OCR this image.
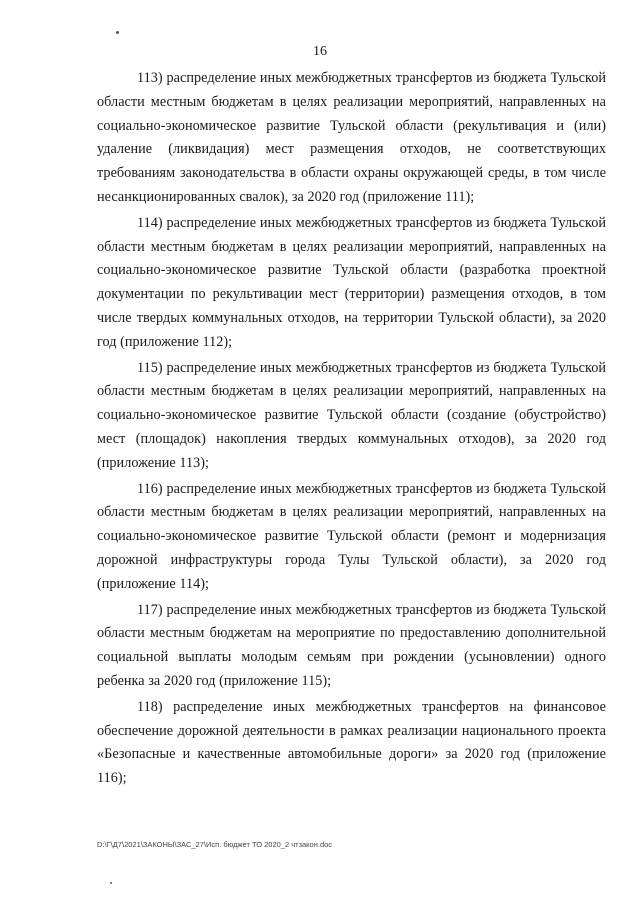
16

113) распределение иных межбюджетных трансфертов из бюджета Тульской области местным бюджетам в целях реализации мероприятий, направленных на социально-экономическое развитие Тульской области (рекультивация и (или) удаление (ликвидация) мест размещения отходов, не соответствующих требованиям законодательства в области охраны окружающей среды, в том числе несанкционированных свалок), за 2020 год (приложение 111);

114) распределение иных межбюджетных трансфертов из бюджета Тульской области местным бюджетам в целях реализации мероприятий, направленных на социально-экономическое развитие Тульской области (разработка проектной документации по рекультивации мест (территории) размещения отходов, в том числе твердых коммунальных отходов, на территории Тульской области), за 2020 год (приложение 112);

115) распределение иных межбюджетных трансфертов из бюджета Тульской области местным бюджетам в целях реализации мероприятий, направленных на социально-экономическое развитие Тульской области (создание (обустройство) мест (площадок) накопления твердых коммунальных отходов), за 2020 год (приложение 113);

116) распределение иных межбюджетных трансфертов из бюджета Тульской области местным бюджетам в целях реализации мероприятий, направленных на социально-экономическое развитие Тульской области (ремонт и модернизация дорожной инфраструктуры города Тулы Тульской области), за 2020 год (приложение 114);

117) распределение иных межбюджетных трансфертов из бюджета Тульской области местным бюджетам на мероприятие по предоставлению дополнительной социальной выплаты молодым семьям при рождении (усыновлении) одного ребенка за 2020 год (приложение 115);

118) распределение иных межбюджетных трансфертов на финансовое обеспечение дорожной деятельности в рамках реализации национального проекта «Безопасные и качественные автомобильные дороги» за 2020 год (приложение 116);

D:\Г\Д7\2021\ЗАКОНЫ\ЗАС_27\Исп. бюджет ТО 2020_2 чтзакон.doc
